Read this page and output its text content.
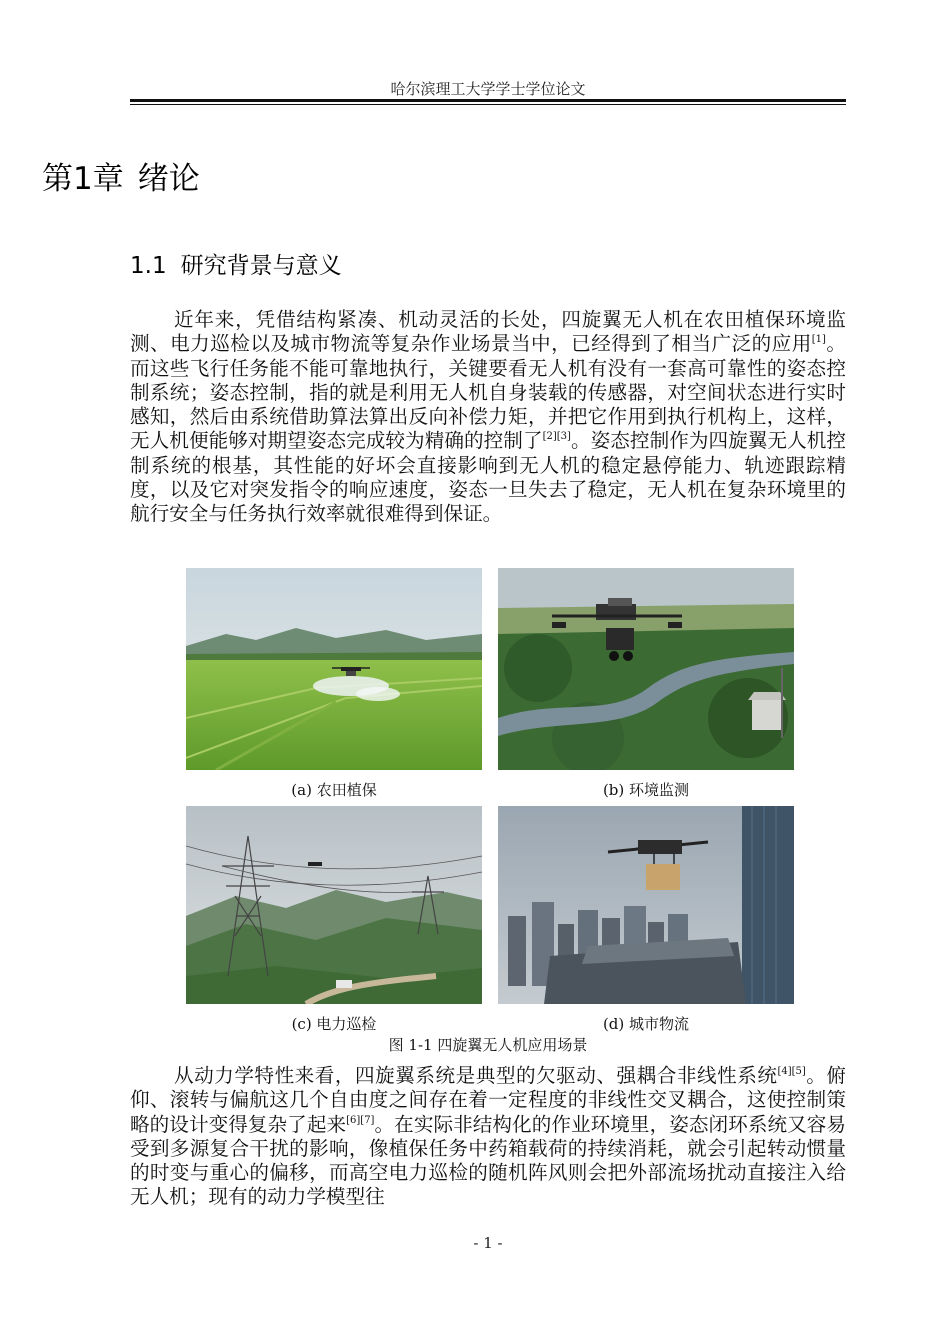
哈尔滨理工大学学士学位论文
第1章 绪论
1.1 研究背景与意义

近年来，凭借结构紧凑、机动灵活的长处，四旋翼无人机在农田植保环境监测、电力巡检以及城市物流等复杂作业场景当中，已经得到了相当广泛的应用[1]。而这些飞行任务能不能可靠地执行，关键要看无人机有没有一套高可靠性的姿态控制系统；姿态控制，指的就是利用无人机自身装载的传感器，对空间状态进行实时感知，然后由系统借助算法算出反向补偿力矩，并把它作用到执行机构上，这样，无人机便能够对期望姿态完成较为精确的控制了[2][3]。姿态控制作为四旋翼无人机控制系统的根基，其性能的好坏会直接影响到无人机的稳定悬停能力、轨迹跟踪精度，以及它对突发指令的响应速度，姿态一旦失去了稳定，无人机在复杂环境里的航行安全与任务执行效率就很难得到保证。

(a) 农田植保	(b) 环境监测
(c) 电力巡检	(d) 城市物流
图 1-1 四旋翼无人机应用场景

从动力学特性来看，四旋翼系统是典型的欠驱动、强耦合非线性系统[4][5]。俯仰、滚转与偏航这几个自由度之间存在着一定程度的非线性交叉耦合，这使控制策略的设计变得复杂了起来[6][7]。在实际非结构化的作业环境里，姿态闭环系统又容易受到多源复合干扰的影响，像植保任务中药箱载荷的持续消耗，就会引起转动惯量的时变与重心的偏移，而高空电力巡检的随机阵风则会把外部流场扰动直接注入给无人机；现有的动力学模型往

- 1 -
